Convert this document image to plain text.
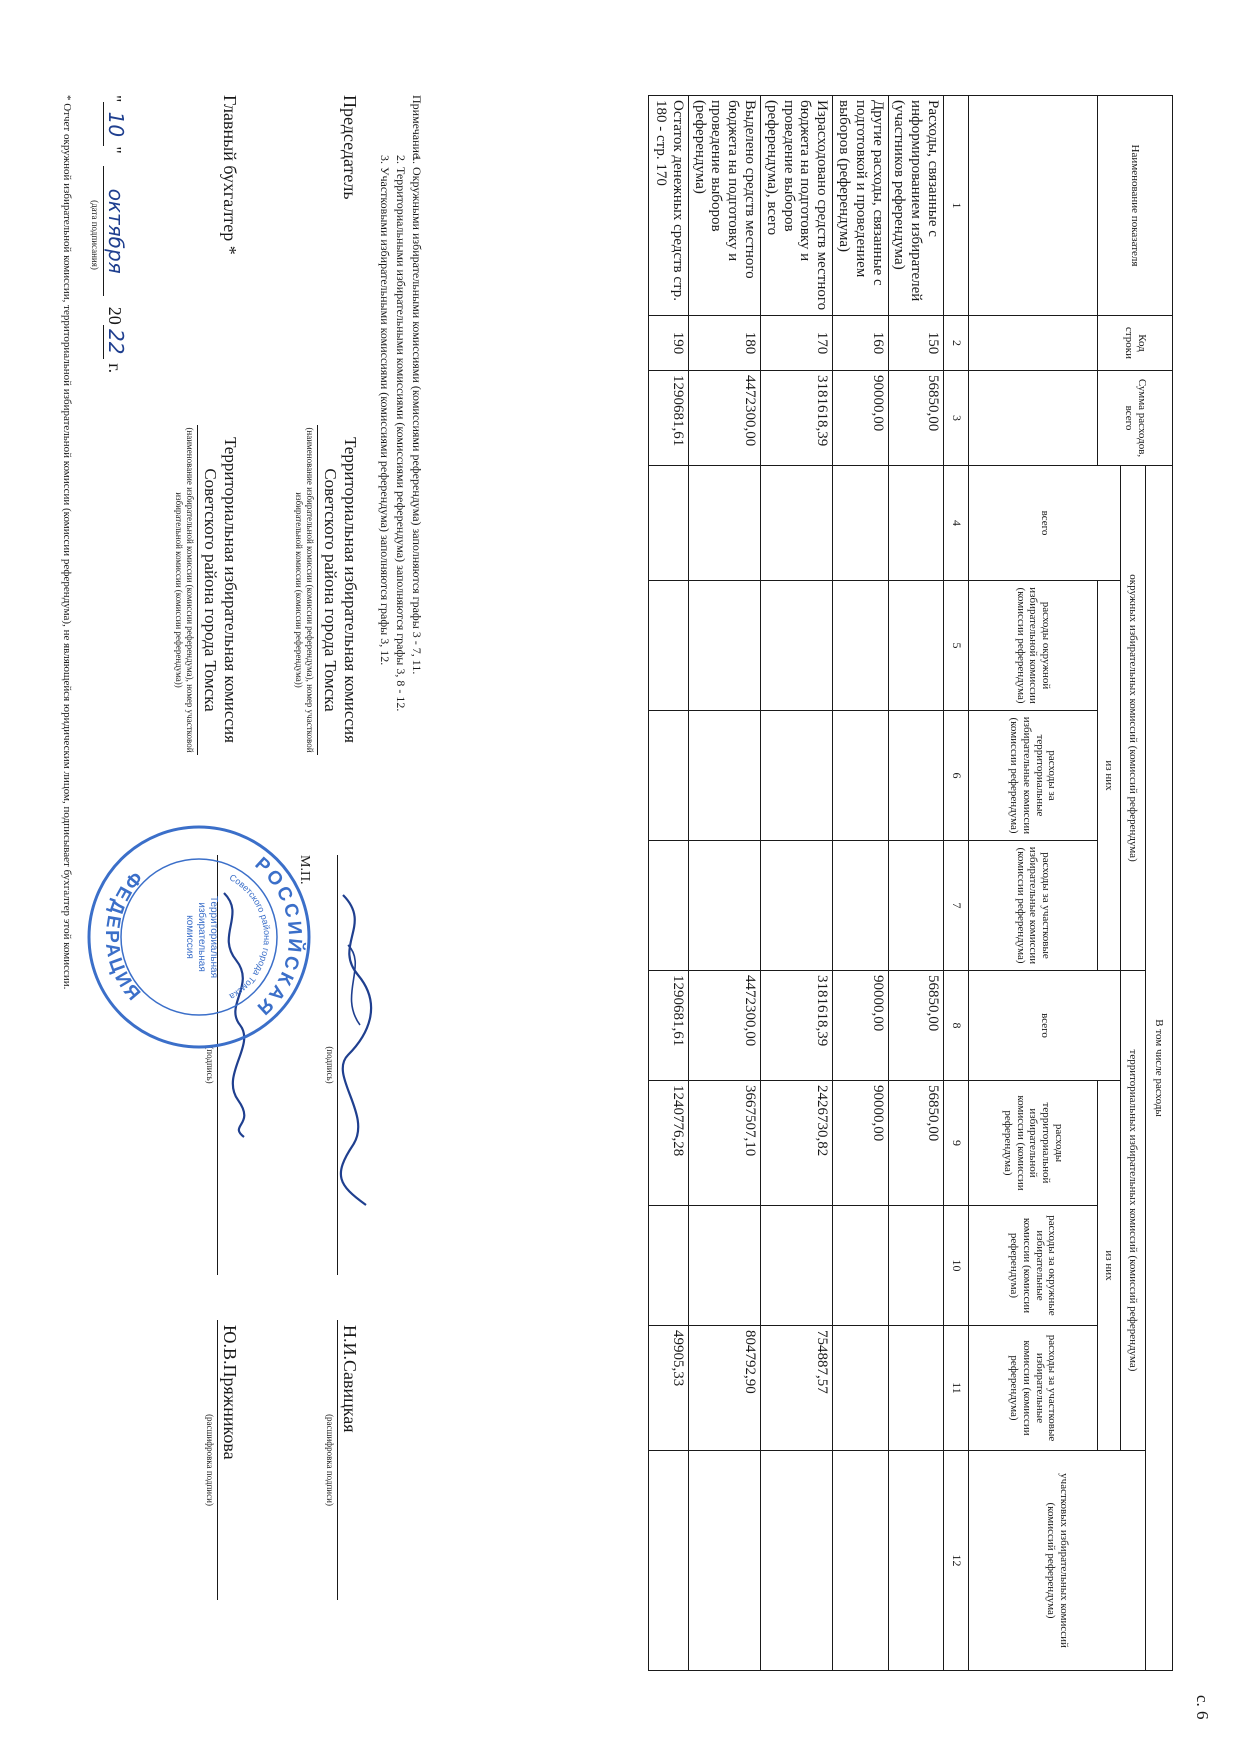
с. 6
Наименование показателя	Код строки	Сумма расходов, всего	В том числе расходы								
			окружных избирательных комиссий (комиссий референдума)				территориальных избирательных комиссий (комиссий референдума)				участковых избирательных комиссий (комиссий референдума)
			всего	из них			всего	из них			
				расходы окружной избирательной комиссии (комиссии референдума)	расходы за территориальные избирательные комиссии (комиссии референдума)	расходы за участковые избирательные комиссии (комиссии референдума)		расходы территориальной избирательной комиссии (комиссии референдума)	расходы за окружные избирательные комиссии (комиссии референдума)	расходы за участковые избирательные комиссии (комиссии референдума)	
1	2	3	4	5	6	7	8	9	10	11	12
Расходы, связанные с информированием избирателей (участников референдума)	150	56850,00					56850,00	56850,00			
Другие расходы, связанные с подготовкой и проведением выборов (референдума)	160	90000,00					90000,00	90000,00			
Израсходовано средств местного бюджета на подготовку и проведение выборов (референдума), всего	170	3181618,39					3181618,39	2426730,82		754887,57	
Выделено средств местного бюджета на подготовку и проведение выборов (референдума)	180	4472300,00					4472300,00	3667507,10		804792,90	
Остаток денежных средств стр. 180 - стр. 170	190	1290681,61					1290681,61	1240776,28		49905,33	
Примечание.1. Окружными избирательными комиссиями (комиссиями референдума) заполняются графы 3 - 7, 11.
2. Территориальными избирательными комиссиями (комиссиями референдума) заполняются графы 3, 8 - 12.
3. Участковыми избирательными комиссиями (комиссиями референдума) заполняются графы 3, 12.
Председатель
Территориальная избирательная комиссия Советского района города Томска
(наименование избирательной комиссии (комиссии референдума), номер участковой избирательной комиссии (комиссии референдума))
(подпись)
М.П.
Н.И.Савицкая
(расшифровка подписи)
Главный бухгалтер *
Территориальная избирательная комиссия Советского района города Томска
(наименование избирательной комиссии (комиссии референдума), номер участковой избирательной комиссии (комиссии референдума))
(подпись)
Ю.В.Пряжникова
(расшифровка подписи)
РОССИЙСКАЯ
ФЕДЕРАЦИЯ
Советского района города Томска
Территориальная избирательная комиссия
"10" октября 2022 г.
(дата подписания)
* Отчет окружной избирательной комиссии, территориальной избирательной комиссии (комиссии референдума), не являющейся юридическим лицом, подписывает бухгалтер этой комиссии.
